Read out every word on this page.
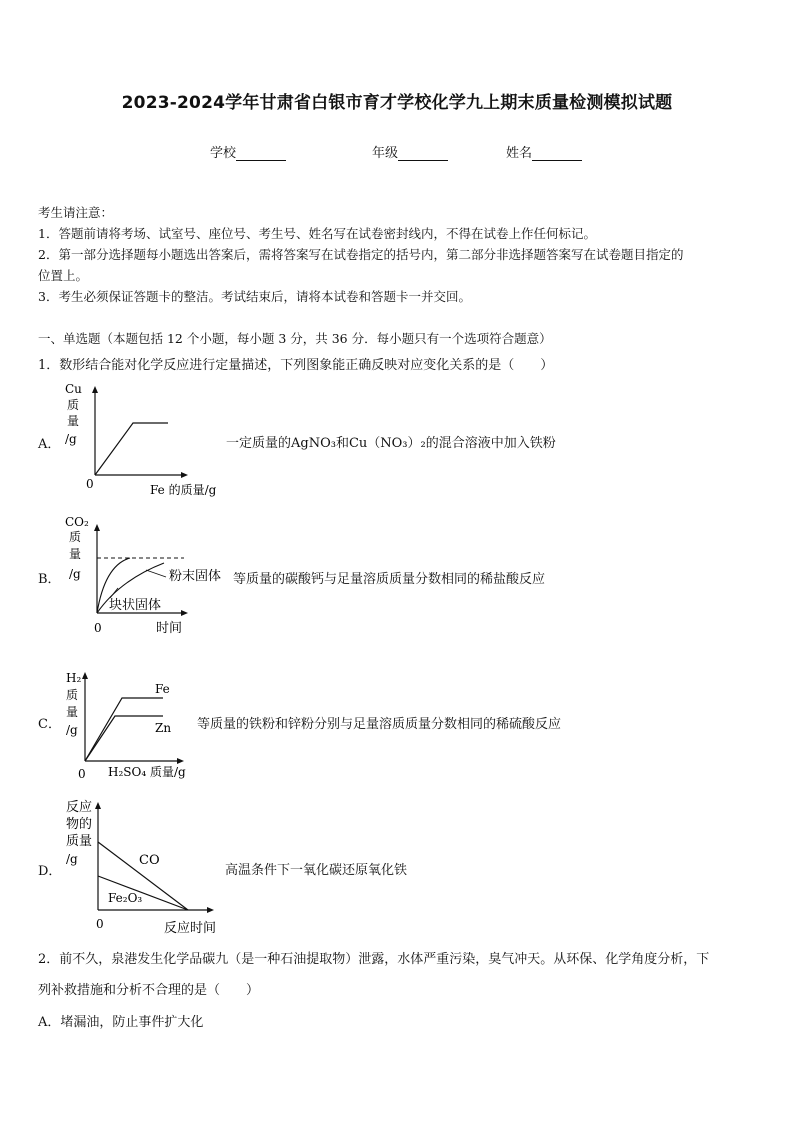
2023-2024学年甘肃省白银市育才学校化学九上期末质量检测模拟试题
学校	年级	姓名
考生请注意：
1．答题前请将考场、试室号、座位号、考生号、姓名写在试卷密封线内，不得在试卷上作任何标记。
2．第一部分选择题每小题选出答案后，需将答案写在试卷指定的括号内，第二部分非选择题答案写在试卷题目指定的
位置上。
3．考生必须保证答题卡的整洁。考试结束后，请将本试卷和答题卡一并交回。
一、单选题（本题包括 12 个小题，每小题 3 分，共 36 分．每小题只有一个选项符合题意）
1．数形结合能对化学反应进行定量描述，下列图象能正确反映对应变化关系的是（　　）
A．
Cu
质
量
/g
0	Fe 的质量/g
一定质量的AgNO₃和Cu（NO₃）₂的混合溶液中加入铁粉
B．
CO₂
质
量
/g	粉末固体
块状固体
0	时间
等质量的碳酸钙与足量溶质质量分数相同的稀盐酸反应
C．
H₂
质
量
/g
Fe
Zn
0 H₂SO₄ 质量/g
等质量的铁粉和锌粉分别与足量溶质质量分数相同的稀硫酸反应
D．
反应
物的
质量
/g	CO
Fe₂O₃
0	反应时间
高温条件下一氧化碳还原氧化铁
2．前不久，泉港发生化学品碳九（是一种石油提取物）泄露，水体严重污染，臭气冲天。从环保、化学角度分析，下
列补救措施和分析不合理的是（　　）
A．堵漏油，防止事件扩大化
